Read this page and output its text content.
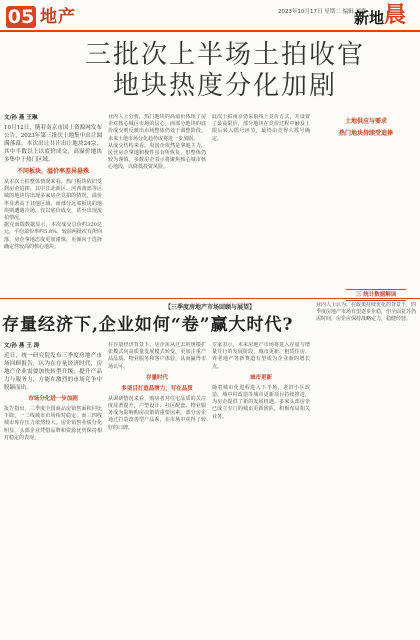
05 地产	2023年10月17日 星期二 编辑 刘鑫
新地 晨
三批次上半场土拍收官
地块热度分化加剧
文/孙 燕 王琳

10月12日，随着南京市国土资源网发布公告，2023年第三批次土地集中出让圆满落幕。本次出让共计出让地块24宗，其中半数以上以底价成交，高溢价地块多集中于热门区域。

不同板块，溢价率差异悬殊

从本次土拍整体情况来看，热门板块依旧受到房企追捧，其中江北新区、河西南部等区域的地块均出现多家房企竞拍的情况，溢价率显著高于其他区域。而部分远郊板块的地块则遭遇冷场，仅以底价成交，甚至出现流拍情况。

据克而瑞数据显示，本次成交总价约320亿元，平均溢价率约5.8%，较前两批次有所回落。房企拿地态度更加谨慎，更倾向于选择确定性较高的核心地块。

业内人士分析，热门地块的高溢价体现了房企对核心城区市场的信心，而部分地块的底价成交则反映出市场整体仍处于调整阶段。未来土地市场分化趋势或将进一步加剧。

从成交结构来看，央国企依然是拿地主力，民营房企拿地积极性虽有所恢复，但整体仍较为谨慎。多数房企表示将聚焦核心城市核心地段，以降低投资风险。

此次土拍南京仍采取线上竞价方式，并设置了最高限价，部分地块在竞价过程中触及上限后转入摇号环节，最终由竞得人摇号确定。

土地供应与需求
热门地块持续受追捧
三 统计数据解读
【三季度房地产市场回顾与展望】
存量经济下,企业如何“卷”赢大时代?
文/孙 燕 王 涛

近日，统一研究院发布三季度房地产市场回顾报告，认为在存量经济时代，房地产企业需要加快转型升级，提升产品力与服务力，方能在激烈的市场竞争中脱颖而出。

市场分化进一步加剧

报告指出，三季度全国商品房销售面积同比下降，一二线城市市场相对稳定，而三四线城市库存压力依然较大。房企销售业绩分化明显，头部企业凭借品牌和资源优势保持相对稳定的表现。

在存量经济背景下，房企需从过去的规模扩张模式向高质量发展模式转变，更加注重产品品质、物业服务和客户体验，从而赢得市场认可。

存量时代
多项目打造品牌力，写在品质

从调研情况来看，购房者对住宅品质的关注度显著提升，户型设计、社区配套、物业服务成为影响购房决策的重要因素。部分房企通过打造改善型产品系，在市场中获得了较好的口碑。

专家表示，未来房地产市场将进入存量与增量并行的发展阶段，城市更新、租赁住房、养老地产等新赛道有望成为企业新的增长点。

城市更新

随着城市化进程进入下半场，老旧小区改造、城中村改造等城市更新项目持续推进，为房企提供了新的发展机遇。多家头部房企已成立专门的城市更新团队，积极布局相关业务。

业内人士认为，在政策持续优化的背景下，四季度房地产市场有望逐步企稳，但全面复苏仍需时间，房企应保持战略定力，稳健经营。
